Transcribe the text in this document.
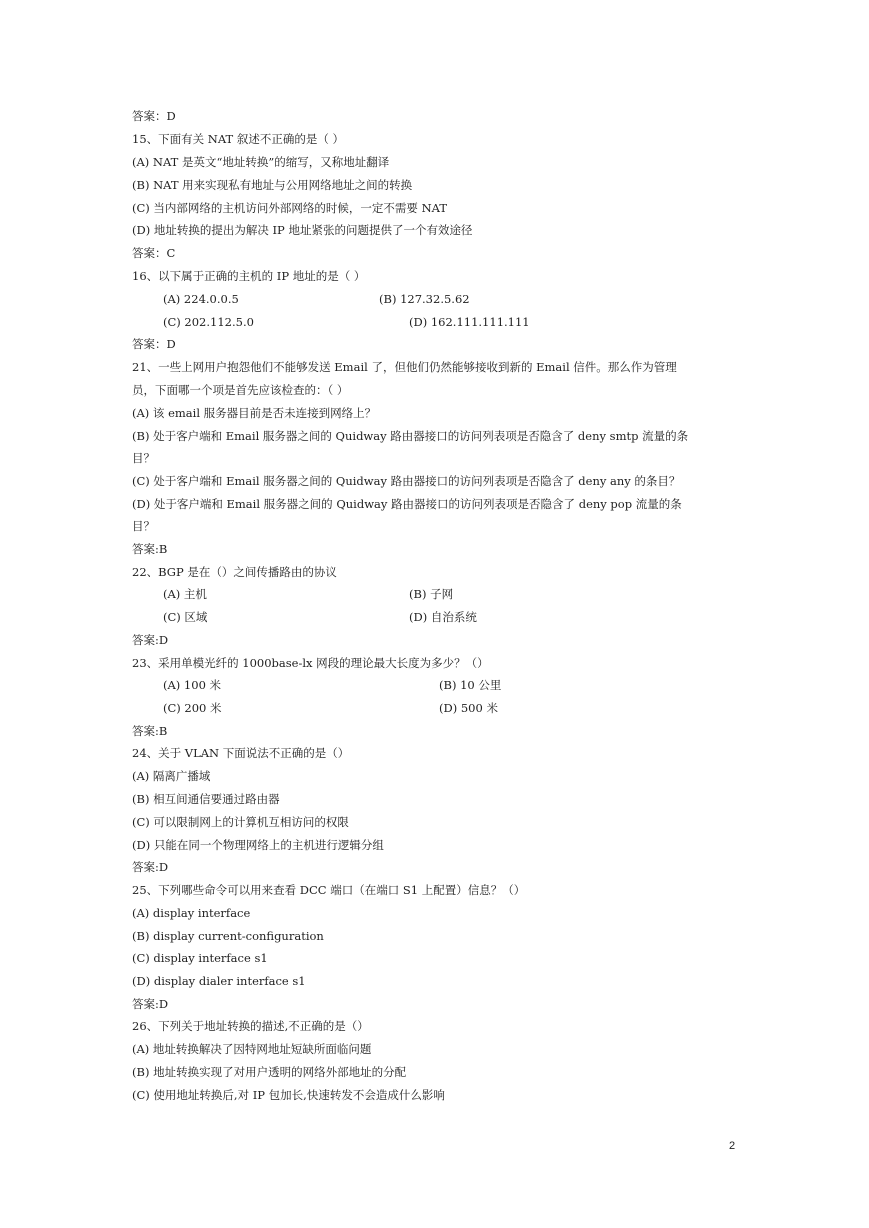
答案：D
15、下面有关 NAT 叙述不正确的是（ ）
(A) NAT 是英文“地址转换”的缩写，又称地址翻译
(B) NAT 用来实现私有地址与公用网络地址之间的转换
(C) 当内部网络的主机访问外部网络的时候，一定不需要 NAT
(D) 地址转换的提出为解决 IP 地址紧张的问题提供了一个有效途径
答案：C
16、以下属于正确的主机的 IP 地址的是（ ）
(A) 224.0.0.5	(B) 127.32.5.62
(C) 202.112.5.0	(D) 162.111.111.111
答案：D
21、一些上网用户抱怨他们不能够发送 Email 了，但他们仍然能够接收到新的 Email 信件。那么作为管理
员，下面哪一个项是首先应该检查的：（ ）
(A) 该 email 服务器目前是否未连接到网络上？
(B) 处于客户端和 Email 服务器之间的 Quidway 路由器接口的访问列表项是否隐含了 deny smtp 流量的条
目？
(C) 处于客户端和 Email 服务器之间的 Quidway 路由器接口的访问列表项是否隐含了 deny any 的条目？
(D) 处于客户端和 Email 服务器之间的 Quidway 路由器接口的访问列表项是否隐含了 deny pop 流量的条
目？
答案:B
22、BGP 是在（）之间传播路由的协议
(A) 主机	(B) 子网
(C) 区域	(D) 自治系统
答案:D
23、采用单模光纤的 1000base-lx 网段的理论最大长度为多少？（）
(A) 100 米	(B) 10 公里
(C) 200 米	(D) 500 米
答案:B
24、关于 VLAN 下面说法不正确的是（）
(A) 隔离广播域
(B) 相互间通信要通过路由器
(C) 可以限制网上的计算机互相访问的权限
(D) 只能在同一个物理网络上的主机进行逻辑分组
答案:D
25、下列哪些命令可以用来查看 DCC 端口（在端口 S1 上配置）信息？（）
(A) display interface
(B) display current-configuration
(C) display interface s1
(D) display dialer interface s1
答案:D
26、下列关于地址转换的描述,不正确的是（）
(A) 地址转换解决了因特网地址短缺所面临问题
(B) 地址转换实现了对用户透明的网络外部地址的分配
(C) 使用地址转换后,对 IP 包加长,快速转发不会造成什么影响
2
